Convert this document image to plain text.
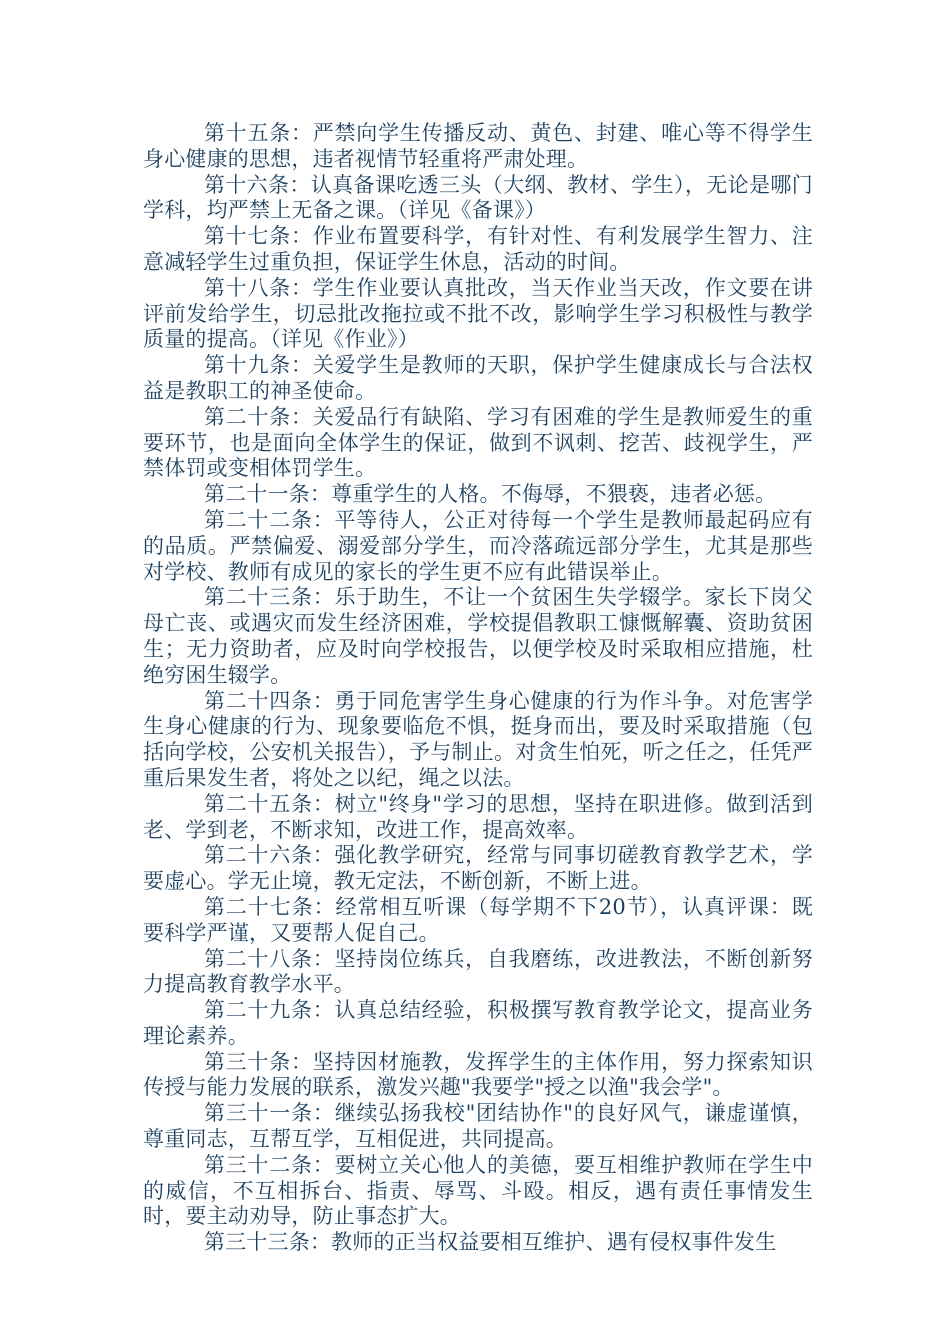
第十五条：严禁向学生传播反动、黄色、封建、唯心等不得学生身心健康的思想，违者视情节轻重将严肃处理。

第十六条：认真备课吃透三头（大纲、教材、学生），无论是哪门学科，均严禁上无备之课。（详见《备课》）

第十七条：作业布置要科学，有针对性、有利发展学生智力、注意减轻学生过重负担，保证学生休息，活动的时间。

第十八条：学生作业要认真批改，当天作业当天改，作文要在讲评前发给学生，切忌批改拖拉或不批不改，影响学生学习积极性与教学质量的提高。（详见《作业》）

第十九条：关爱学生是教师的天职，保护学生健康成长与合法权益是教职工的神圣使命。

第二十条：关爱品行有缺陷、学习有困难的学生是教师爱生的重要环节，也是面向全体学生的保证，做到不讽刺、挖苦、歧视学生，严禁体罚或变相体罚学生。

第二十一条：尊重学生的人格。不侮辱，不猥亵，违者必惩。

第二十二条：平等待人，公正对待每一个学生是教师最起码应有的品质。严禁偏爱、溺爱部分学生，而冷落疏远部分学生，尤其是那些对学校、教师有成见的家长的学生更不应有此错误举止。

第二十三条：乐于助生，不让一个贫困生失学辍学。家长下岗父母亡丧、或遇灾而发生经济困难，学校提倡教职工慷慨解囊、资助贫困生；无力资助者，应及时向学校报告，以便学校及时采取相应措施，杜绝穷困生辍学。

第二十四条：勇于同危害学生身心健康的行为作斗争。对危害学生身心健康的行为、现象要临危不惧，挺身而出，要及时采取措施（包括向学校，公安机关报告），予与制止。对贪生怕死，听之任之，任凭严重后果发生者，将处之以纪，绳之以法。

第二十五条：树立"终身"学习的思想，坚持在职进修。做到活到老、学到老，不断求知，改进工作，提高效率。

第二十六条：强化教学研究，经常与同事切磋教育教学艺术，学要虚心。学无止境，教无定法，不断创新，不断上进。

第二十七条：经常相互听课（每学期不下20节），认真评课：既要科学严谨，又要帮人促自己。

第二十八条：坚持岗位练兵，自我磨练，改进教法，不断创新努力提高教育教学水平。

第二十九条：认真总结经验，积极撰写教育教学论文，提高业务理论素养。

第三十条：坚持因材施教，发挥学生的主体作用，努力探索知识传授与能力发展的联系，激发兴趣"我要学"授之以渔"我会学"。

第三十一条：继续弘扬我校"团结协作"的良好风气，谦虚谨慎，尊重同志，互帮互学，互相促进，共同提高。

第三十二条：要树立关心他人的美德，要互相维护教师在学生中的威信，不互相拆台、指责、辱骂、斗殴。相反，遇有责任事情发生时，要主动劝导，防止事态扩大。

第三十三条：教师的正当权益要相互维护、遇有侵权事件发生
